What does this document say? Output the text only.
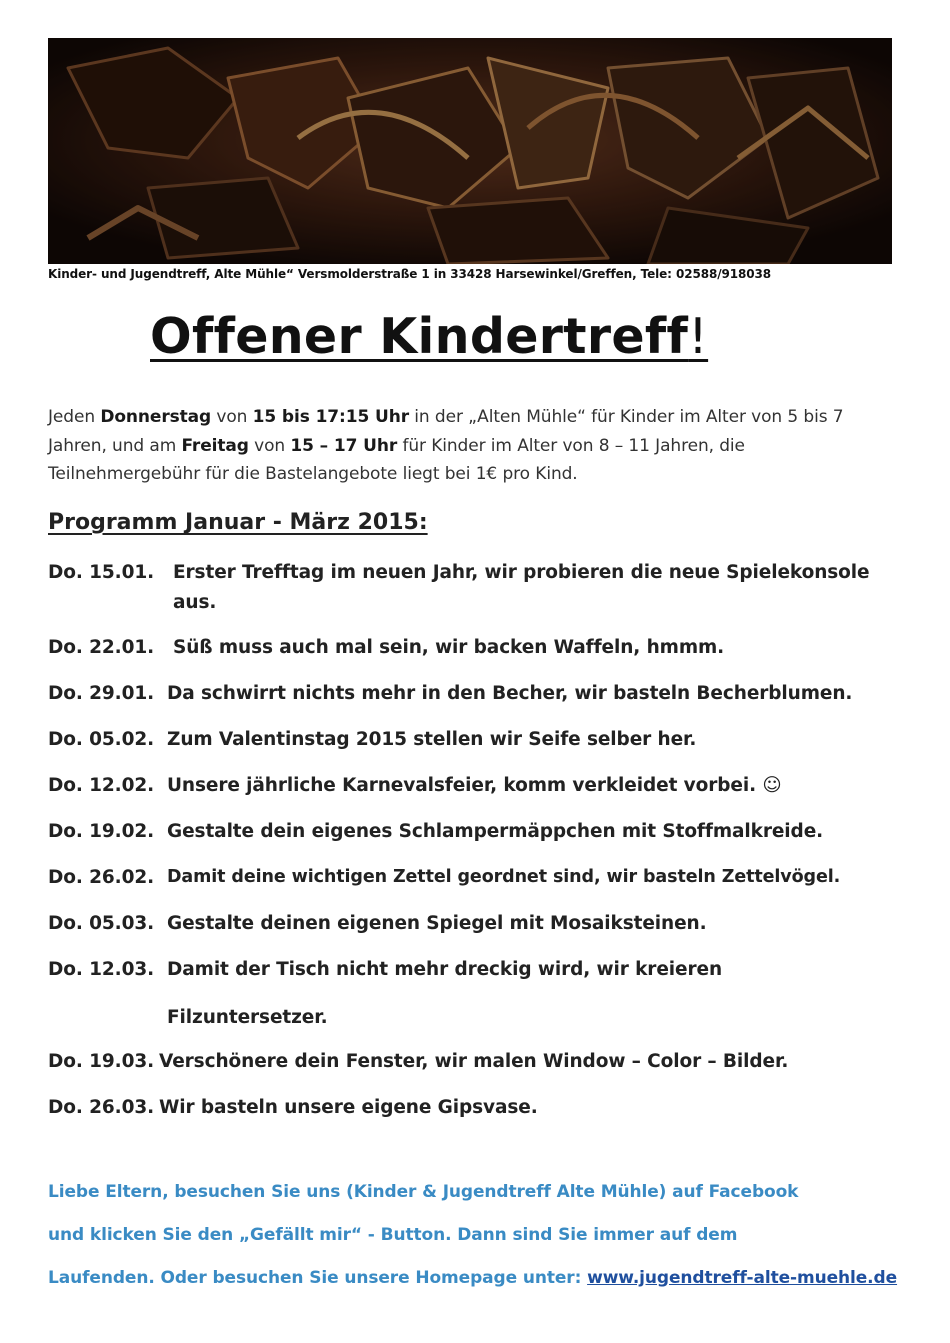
Kinder- und Jugendtreff, Alte Mühle“ Versmolderstraße 1 in 33428 Harsewinkel/Greffen, Tele: 02588/918038
Offener Kindertreff!
Jeden Donnerstag von 15 bis 17:15 Uhr in der „Alten Mühle“ für Kinder im Alter von 5 bis 7 Jahren, und am Freitag von 15 – 17 Uhr für Kinder im Alter von 8 – 11 Jahren, die Teilnehmergebühr für die Bastelangebote liegt bei 1€ pro Kind.
Programm Januar - März 2015:
Do. 15.01. Erster Trefftag im neuen Jahr, wir probieren die neue Spielekonsole
aus.
Do. 22.01. Süß muss auch mal sein, wir backen Waffeln, hmmm.
Do. 29.01. Da schwirrt nichts mehr in den Becher, wir basteln Becherblumen.
Do. 05.02. Zum Valentinstag 2015 stellen wir Seife selber her.
Do. 12.02. Unsere jährliche Karnevalsfeier, komm verkleidet vorbei. ☺
Do. 19.02. Gestalte dein eigenes Schlampermäppchen mit Stoffmalkreide.
Do. 26.02. Damit deine wichtigen Zettel geordnet sind, wir basteln Zettelvögel.
Do. 05.03. Gestalte deinen eigenen Spiegel mit Mosaiksteinen.
Do. 12.03. Damit der Tisch nicht mehr dreckig wird, wir kreieren
Filzuntersetzer.
Do. 19.03. Verschönere dein Fenster, wir malen Window – Color – Bilder.
Do. 26.03. Wir basteln unsere eigene Gipsvase.
Liebe Eltern, besuchen Sie uns (Kinder & Jugendtreff Alte Mühle) auf Facebook
und klicken Sie den „Gefällt mir“ - Button. Dann sind Sie immer auf dem
Laufenden. Oder besuchen Sie unsere Homepage unter: www.jugendtreff-alte-muehle.de
